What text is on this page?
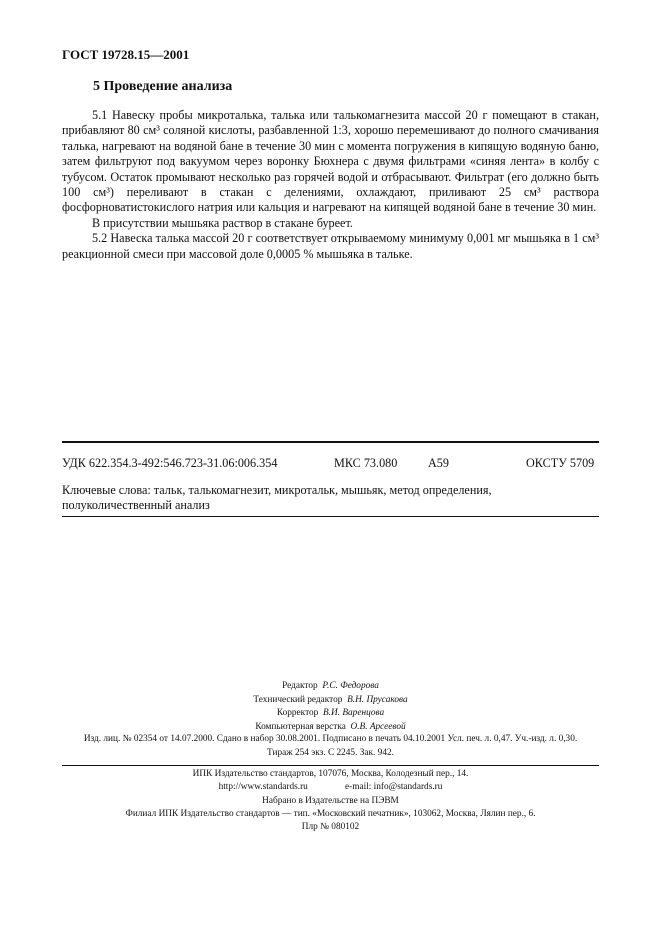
ГОСТ 19728.15—2001
5 Проведение анализа

5.1 Навеску пробы микроталька, талька или талькомагнезита массой 20 г помещают в стакан, прибавляют 80 см³ соляной кислоты, разбавленной 1:3, хорошо перемешивают до полного смачивания талька, нагревают на водяной бане в течение 30 мин с момента погружения в кипящую водяную баню, затем фильтруют под вакуумом через воронку Бюхнера с двумя фильтрами «синяя лента» в колбу с тубусом. Остаток промывают несколько раз горячей водой и отбрасывают. Фильтрат (его должно быть 100 см³) переливают в стакан с делениями, охлаждают, приливают 25 см³ раствора фосфорноватистокислого натрия или кальция и нагревают на кипящей водяной бане в течение 30 мин.

В присутствии мышьяка раствор в стакане буреет.

5.2 Навеска талька массой 20 г соответствует открываемому минимуму 0,001 мг мышьяка в 1 см³ реакционной смеси при массовой доле 0,0005 % мышьяка в тальке.

УДК 622.354.3-492:546.723-31.06:006.354	МКС 73.080	А59	ОКСТУ 5709
Ключевые слова: тальк, талькомагнезит, микротальк, мышьяк, метод определения, полуколичественный анализ
Редактор Р.С. Федорова
Технический редактор В.Н. Прусакова
Корректор В.И. Варенцова
Компьютерная верстка О.В. Арсеевой
Изд. лиц. № 02354 от 14.07.2000. Сдано в набор 30.08.2001. Подписано в печать 04.10.2001 Усл. печ. л. 0,47. Уч.-изд. л. 0,30.
Тираж 254 экз. С 2245. Зак. 942.
ИПК Издательство стандартов, 107076, Москва, Колодезный пер., 14.
http://www.standards.ru                e-mail: info@standards.ru
Набрано в Издательстве на ПЭВМ
Филиал ИПК Издательство стандартов — тип. «Московский печатник», 103062, Москва, Лялин пер., 6.
Плр № 080102
